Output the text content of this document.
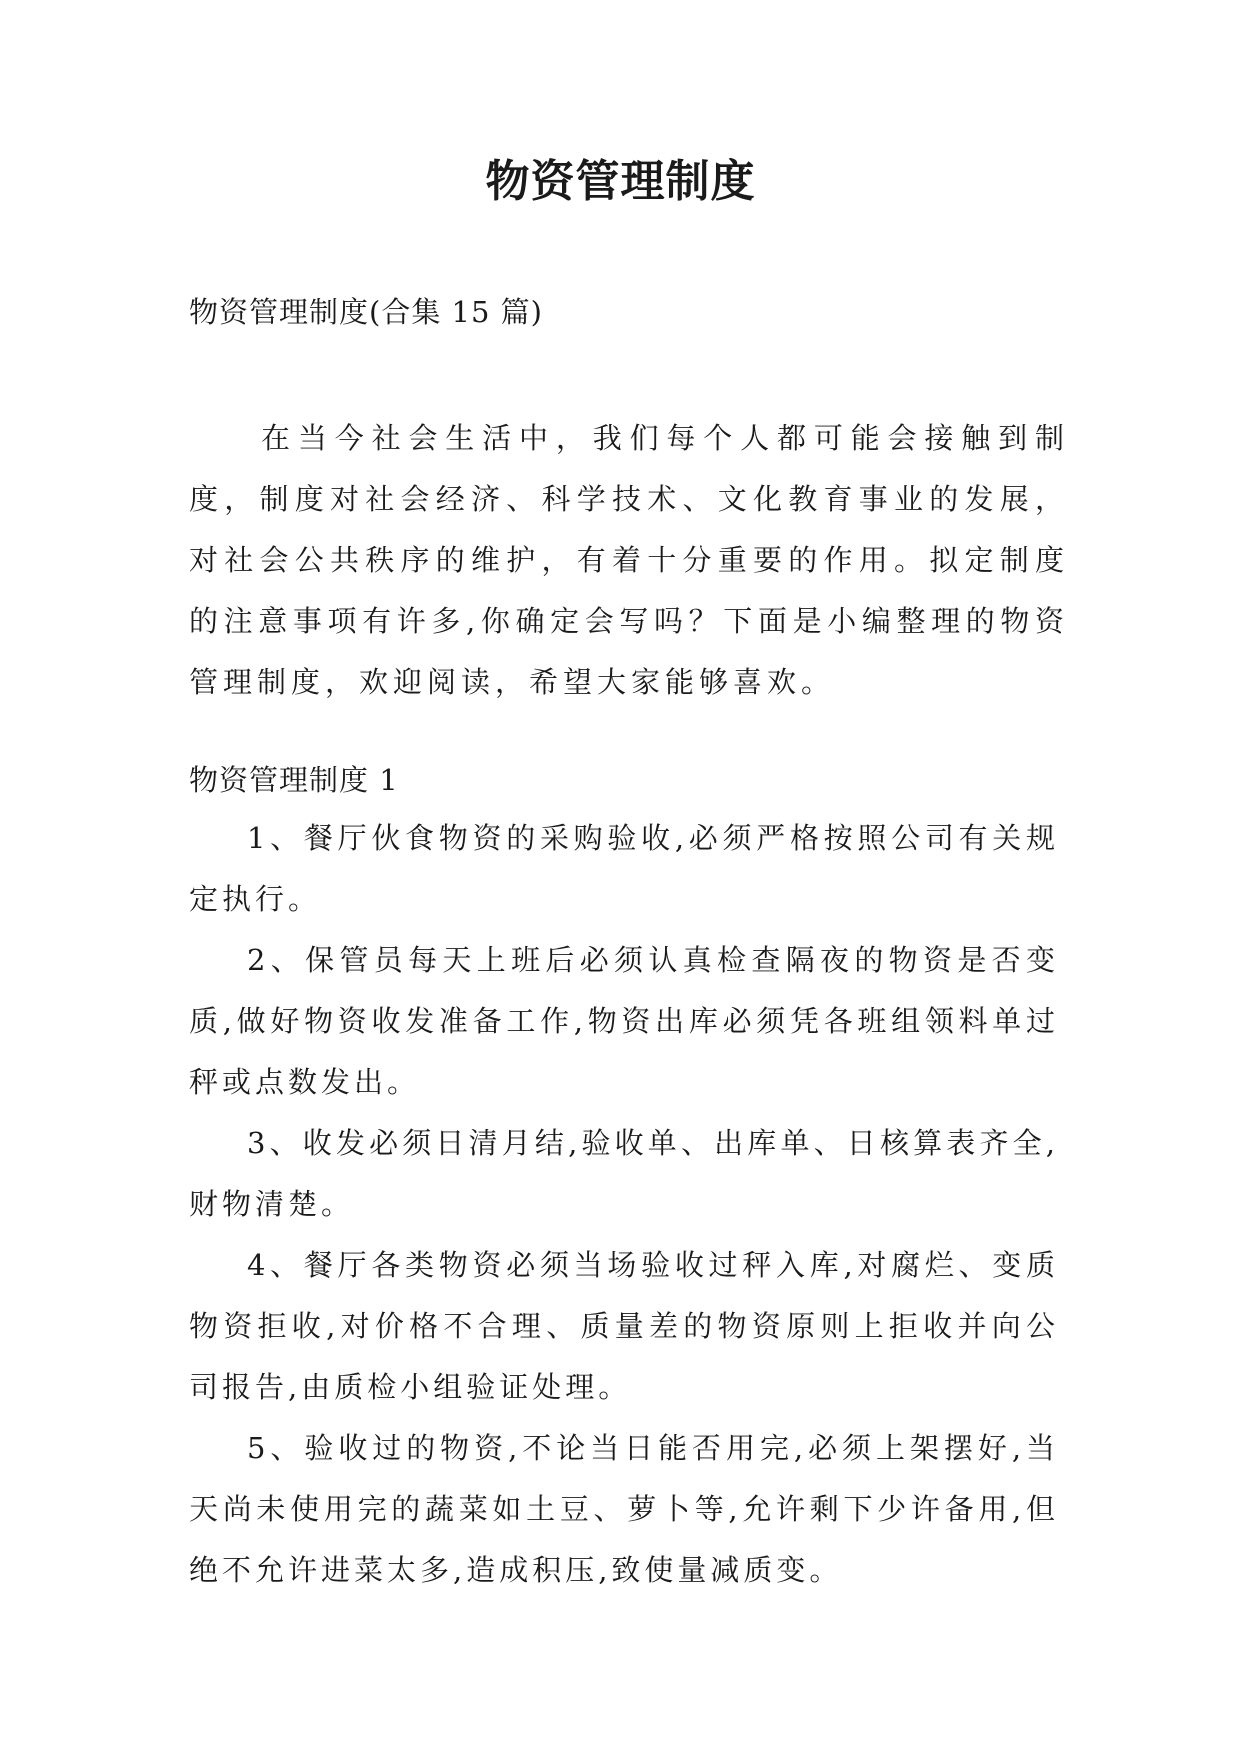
物资管理制度
物资管理制度(合集 15 篇)

在当今社会生活中，我们每个人都可能会接触到制度，制度对社会经济、科学技术、文化教育事业的发展，对社会公共秩序的维护，有着十分重要的作用。拟定制度的注意事项有许多,你确定会写吗？下面是小编整理的物资管理制度，欢迎阅读，希望大家能够喜欢。

物资管理制度 1

1、餐厅伙食物资的采购验收,必须严格按照公司有关规定执行。

2、保管员每天上班后必须认真检查隔夜的物资是否变质,做好物资收发准备工作,物资出库必须凭各班组领料单过秤或点数发出。

3、收发必须日清月结,验收单、出库单、日核算表齐全,财物清楚。

4、餐厅各类物资必须当场验收过秤入库,对腐烂、变质物资拒收,对价格不合理、质量差的物资原则上拒收并向公司报告,由质检小组验证处理。

5、验收过的物资,不论当日能否用完,必须上架摆好,当天尚未使用完的蔬菜如土豆、萝卜等,允许剩下少许备用,但绝不允许进菜太多,造成积压,致使量减质变。
